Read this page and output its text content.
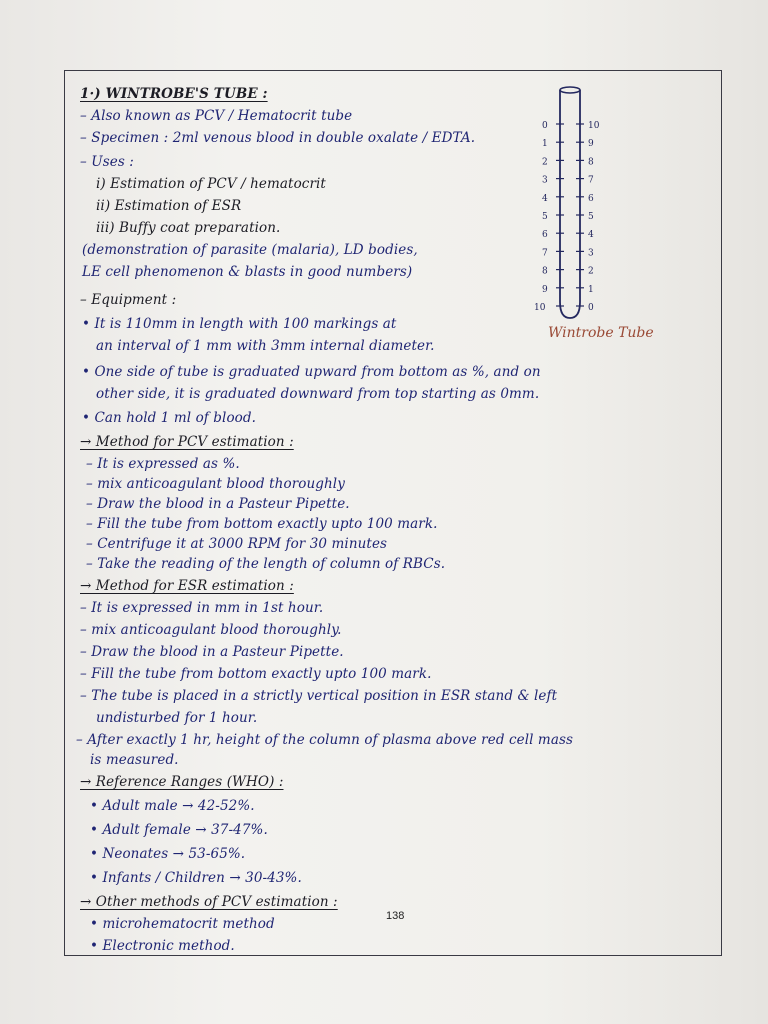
1·) WINTROBE'S TUBE :
– Also known as PCV / Hematocrit tube
– Specimen : 2ml venous blood in double oxalate / EDTA.
– Uses :
i) Estimation of PCV / hematocrit
ii) Estimation of ESR
iii) Buffy coat preparation.
(demonstration of parasite (malaria), LD bodies,
LE cell phenomenon & blasts in good numbers)
– Equipment :
• It is 110mm in length with 100 markings at
an interval of 1 mm with 3mm internal diameter.
• One side of tube is graduated upward from bottom as %, and on
other side, it is graduated downward from top starting as 0mm.
• Can hold 1 ml of blood.
→ Method for PCV estimation :
– It is expressed as %.
– mix anticoagulant blood thoroughly
– Draw the blood in a Pasteur Pipette.
– Fill the tube from bottom exactly upto 100 mark.
– Centrifuge it at 3000 RPM for 30 minutes
– Take the reading of the length of column of RBCs.
→ Method for ESR estimation :
– It is expressed in mm in 1st hour.
– mix anticoagulant blood thoroughly.
– Draw the blood in a Pasteur Pipette.
– Fill the tube from bottom exactly upto 100 mark.
– The tube is placed in a strictly vertical position in ESR stand & left
undisturbed for 1 hour.
– After exactly 1 hr, height of the column of plasma above red cell mass
is measured.
→ Reference Ranges (WHO) :
• Adult male → 42-52%.
• Adult female → 37-47%.
• Neonates → 53-65%.
• Infants / Children → 30-43%.
→ Other methods of PCV estimation :
• microhematocrit method
• Electronic method.
0
1
2
3
4
5
6
7
8
9
10
10
9
8
7
6
5
4
3
2
1
0
Wintrobe Tube
138
